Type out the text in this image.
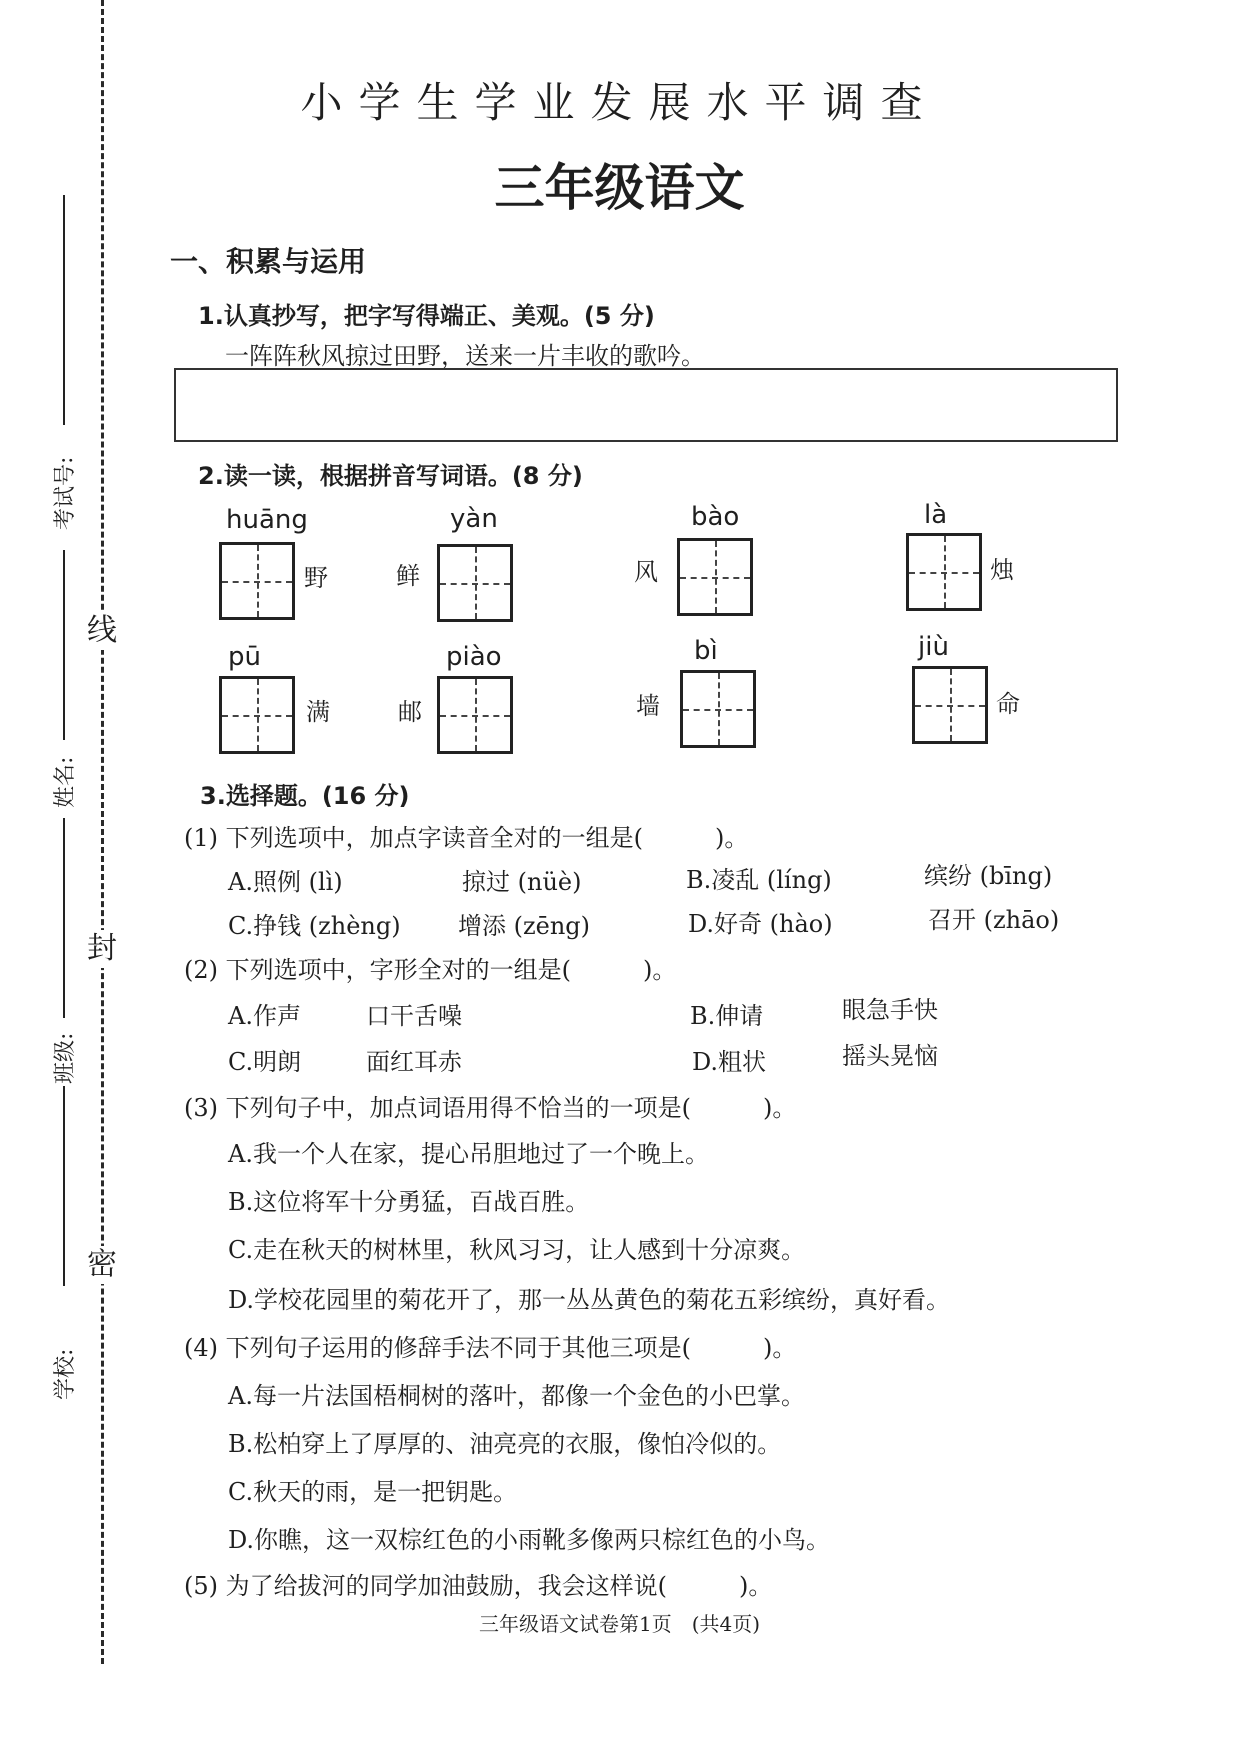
线
封
密
考试号:
姓名:
班级:
学校:
小学生学业发展水平调查
三年级语文
一、积累与运用
1.认真抄写，把字写得端正、美观。(5 分)
一阵阵秋风掠过田野，送来一片丰收的歌吟。
2.读一读，根据拼音写词语。(8 分)
huāng
野
yàn
鲜
bào
风
là
烛
pū
满
piào
邮
bì
墙
jiù
命
3.选择题。(16 分)
(1) 下列选项中，加点字读音全对的一组是(　　　)。
A.照例 (lì)	掠过 (nüè)	B.凌乱 (líng)	缤纷 (bīng)
C.挣钱 (zhèng) 增添 (zēng)	D.好奇 (hào)	召开 (zhāo)
(2) 下列选项中，字形全对的一组是(　　　)。
A.作声	口干舌噪	B.伸请	眼急手快
C.明朗	面红耳赤	D.粗状	摇头晃恼
(3) 下列句子中，加点词语用得不恰当的一项是(　　　)。
A.我一个人在家，提心吊胆地过了一个晚上。
B.这位将军十分勇猛，百战百胜。
C.走在秋天的树林里，秋风习习，让人感到十分凉爽。
D.学校花园里的菊花开了，那一丛丛黄色的菊花五彩缤纷，真好看。
(4) 下列句子运用的修辞手法不同于其他三项是(　　　)。
A.每一片法国梧桐树的落叶，都像一个金色的小巴掌。
B.松柏穿上了厚厚的、油亮亮的衣服，像怕冷似的。
C.秋天的雨，是一把钥匙。
D.你瞧，这一双棕红色的小雨靴多像两只棕红色的小鸟。
(5) 为了给拔河的同学加油鼓励，我会这样说(　　　)。
三年级语文试卷第1页　(共4页)
